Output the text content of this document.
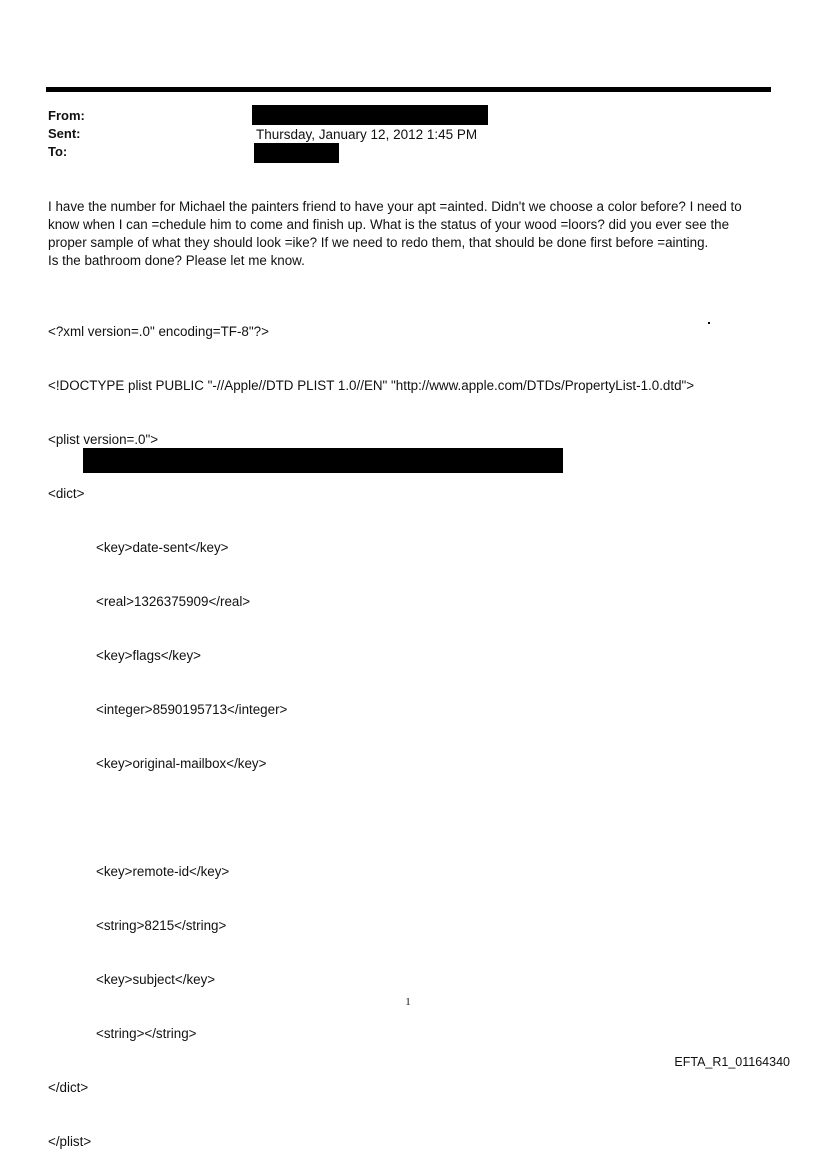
From:
Sent:
To:
Thursday, January 12, 2012 1:45 PM

I have the number for Michael the painters friend to have your apt =ainted. Didn't we choose a color before? I need to

know when I can =chedule him to come and finish up. What is the status of your wood =loors? did you ever see the

proper sample of what they should look =ike? If we need to redo them, that should be done first before =ainting.

Is the bathroom done? Please let me know.

<?xml version=.0" encoding=TF-8"?>

<!DOCTYPE plist PUBLIC "-//Apple//DTD PLIST 1.0//EN" "http://www.apple.com/DTDs/PropertyList-1.0.dtd">

<plist version=.0">

<dict>

<key>date-sent</key>

<real>1326375909</real>

<key>flags</key>

<integer>8590195713</integer>

<key>original-mailbox</key>

<key>remote-id</key>

<string>8215</string>

<key>subject</key>

<string></string>

</dict>

</plist>

1
EFTA_R1_01164340
